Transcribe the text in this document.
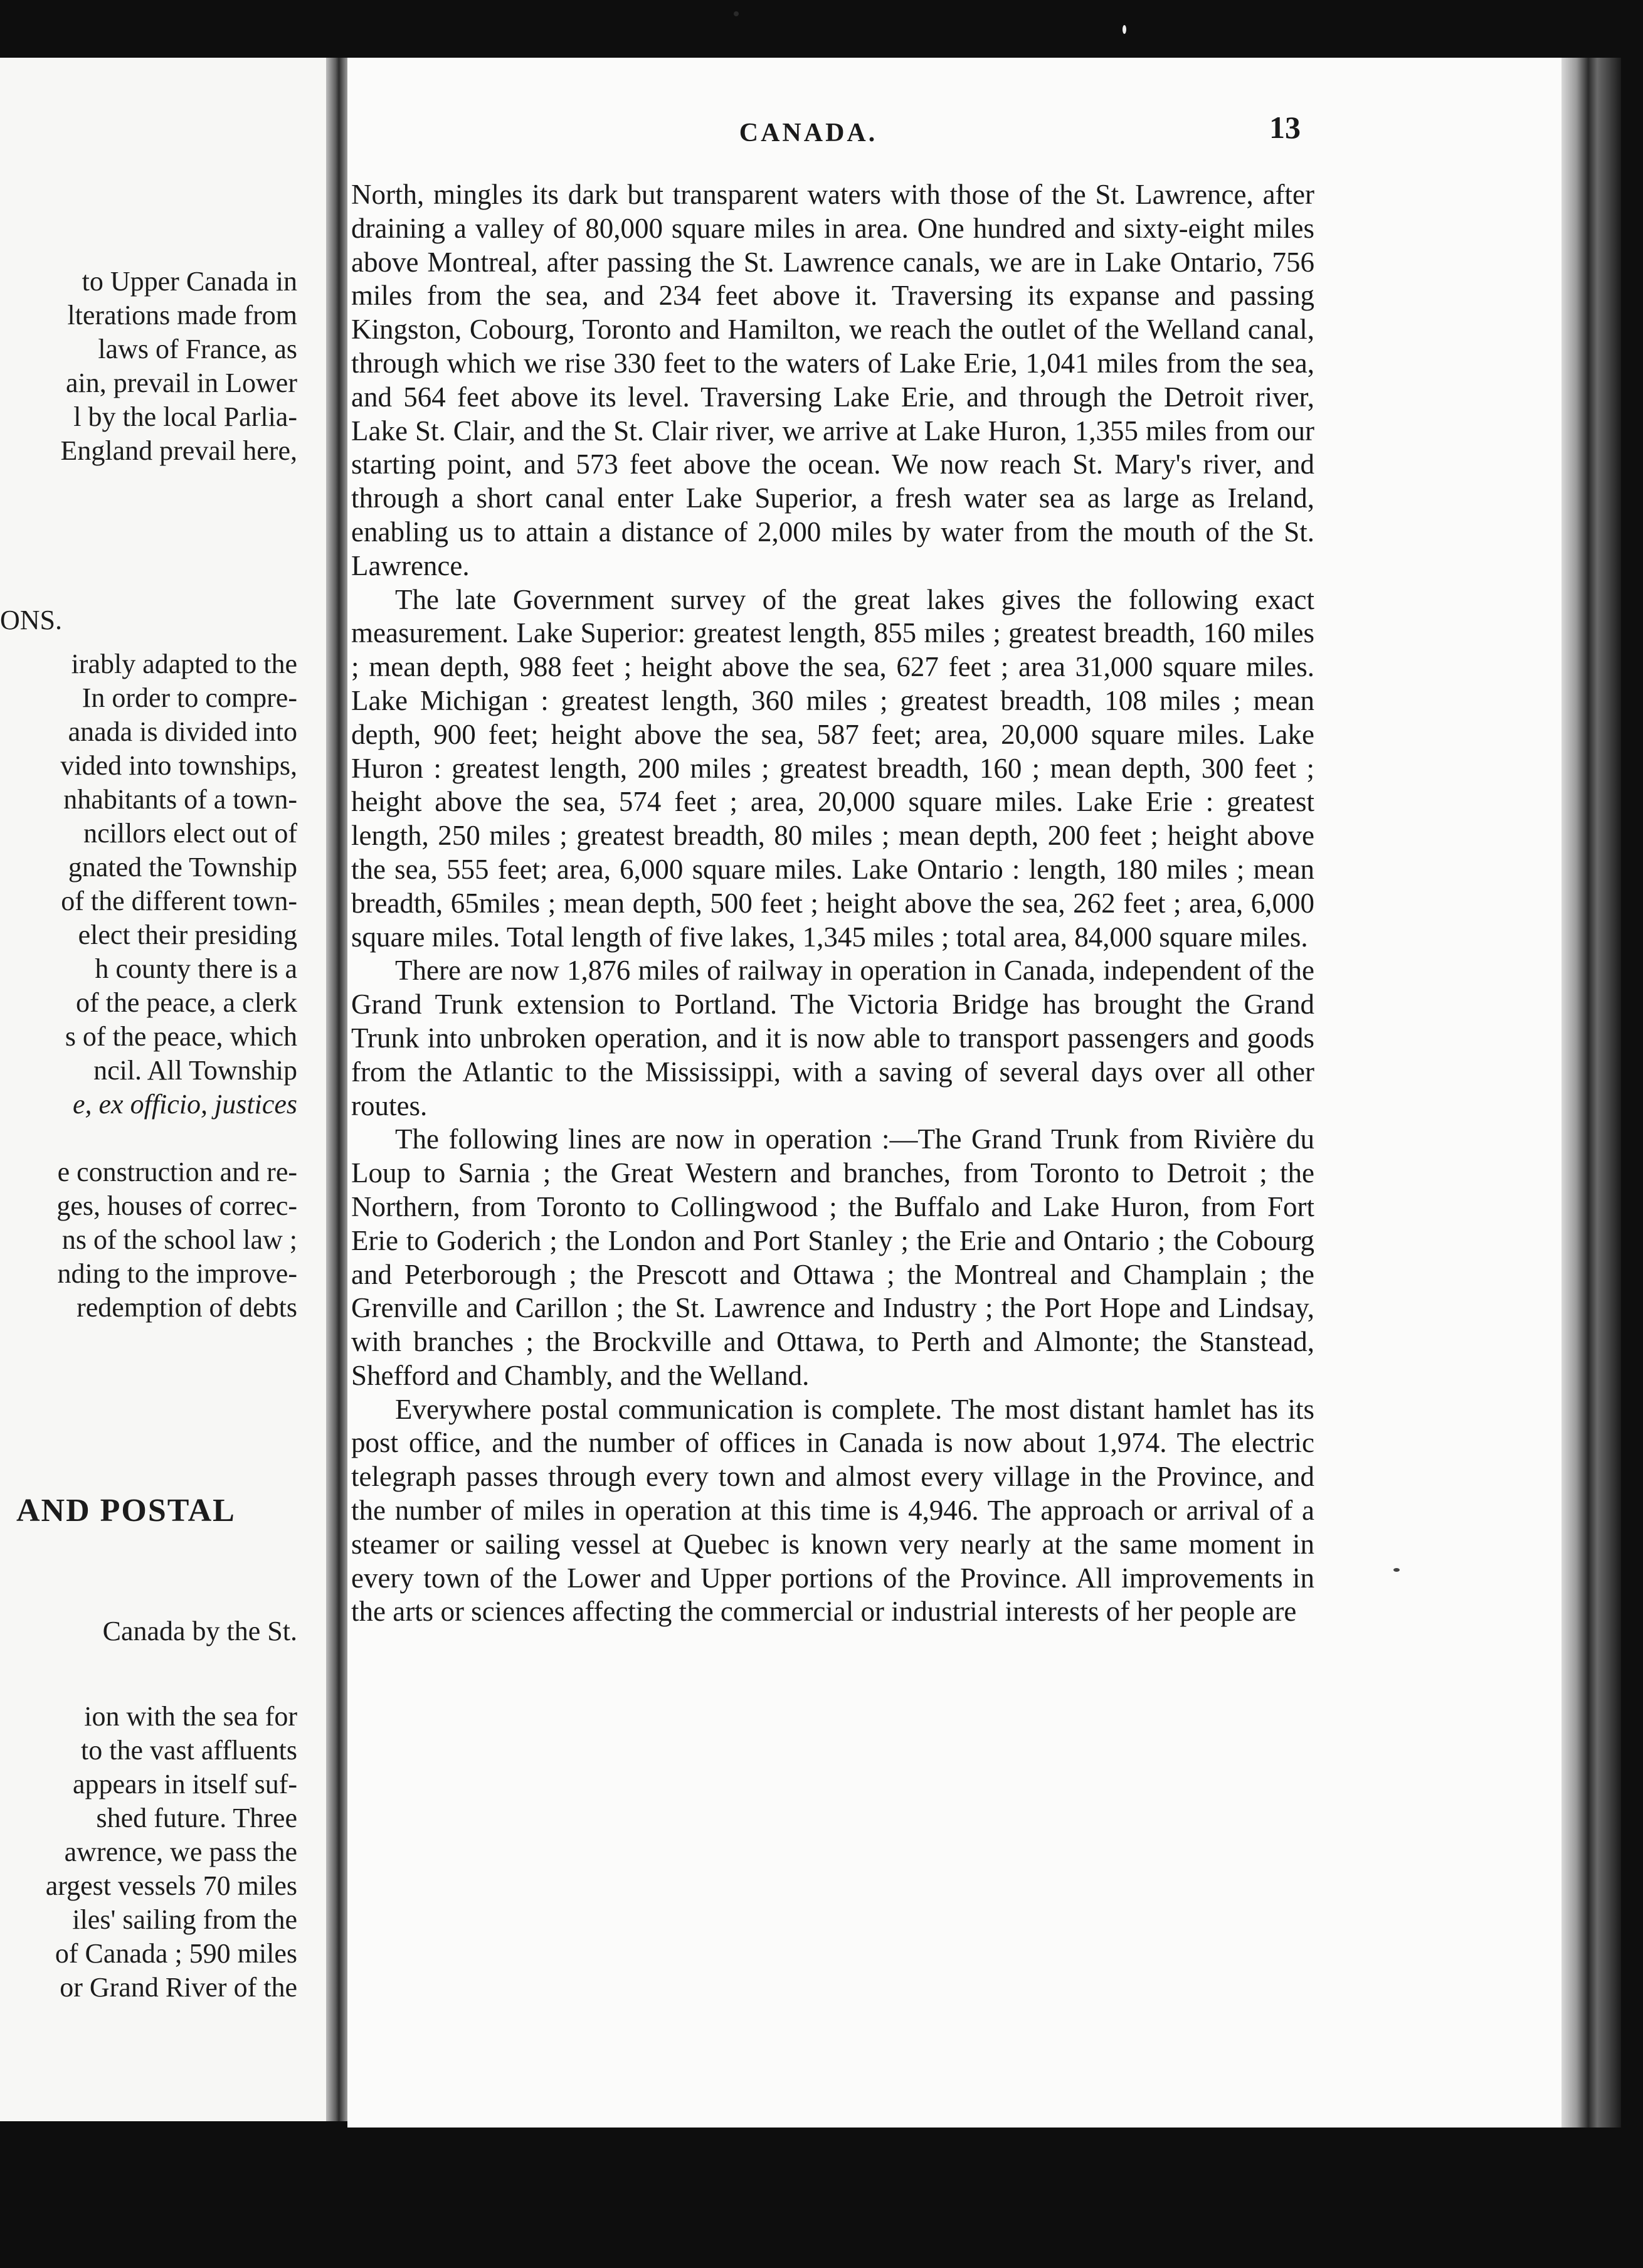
to Upper Canada in
lterations made from
laws of France, as
ain, prevail in Lower
l by the local Parlia-
England prevail here,
ONS.
irably adapted to the
In order to compre-
anada is divided into
vided into townships,
nhabitants of a town-
ncillors elect out of
gnated the Township
of the different town-
elect their presiding
h county there is a
of the peace, a clerk
s of the peace, which
ncil. All Township
e, ex officio, justices
e construction and re-
ges, houses of correc-
ns of the school law ;
nding to the improve-
redemption of debts
AND POSTAL
Canada by the St.
ion with the sea for
to the vast affluents
appears in itself suf-
shed future. Three
awrence, we pass the
argest vessels 70 miles
iles' sailing from the
of Canada ; 590 miles
or Grand River of the
CANADA.	13

North, mingles its dark but transparent waters with those of the St. Lawrence, after draining a valley of 80,000 square miles in area. One hundred and sixty-eight miles above Montreal, after passing the St. Lawrence canals, we are in Lake Ontario, 756 miles from the sea, and 234 feet above it. Traversing its expanse and passing Kingston, Cobourg, Toronto and Hamilton, we reach the outlet of the Welland canal, through which we rise 330 feet to the waters of Lake Erie, 1,041 miles from the sea, and 564 feet above its level. Traversing Lake Erie, and through the Detroit river, Lake St. Clair, and the St. Clair river, we arrive at Lake Huron, 1,355 miles from our starting point, and 573 feet above the ocean. We now reach St. Mary's river, and through a short canal enter Lake Superior, a fresh water sea as large as Ireland, enabling us to attain a distance of 2,000 miles by water from the mouth of the St. Lawrence.

The late Government survey of the great lakes gives the following exact measurement. Lake Superior: greatest length, 855 miles ; greatest breadth, 160 miles ; mean depth, 988 feet ; height above the sea, 627 feet ; area 31,000 square miles. Lake Michigan : greatest length, 360 miles ; greatest breadth, 108 miles ; mean depth, 900 feet; height above the sea, 587 feet; area, 20,000 square miles. Lake Huron : greatest length, 200 miles ; greatest breadth, 160 ; mean depth, 300 feet ; height above the sea, 574 feet ; area, 20,000 square miles. Lake Erie : greatest length, 250 miles ; greatest breadth, 80 miles ; mean depth, 200 feet ; height above the sea, 555 feet; area, 6,000 square miles. Lake Ontario : length, 180 miles ; mean breadth, 65miles ; mean depth, 500 feet ; height above the sea, 262 feet ; area, 6,000 square miles. Total length of five lakes, 1,345 miles ; total area, 84,000 square miles.

There are now 1,876 miles of railway in operation in Canada, independent of the Grand Trunk extension to Portland. The Victoria Bridge has brought the Grand Trunk into unbroken operation, and it is now able to transport passengers and goods from the Atlantic to the Mississippi, with a saving of several days over all other routes.

The following lines are now in operation :—The Grand Trunk from Rivière du Loup to Sarnia ; the Great Western and branches, from Toronto to Detroit ; the Northern, from Toronto to Collingwood ; the Buffalo and Lake Huron, from Fort Erie to Goderich ; the London and Port Stanley ; the Erie and Ontario ; the Cobourg and Peterborough ; the Prescott and Ottawa ; the Montreal and Champlain ; the Grenville and Carillon ; the St. Lawrence and Industry ; the Port Hope and Lindsay, with branches ; the Brockville and Ottawa, to Perth and Almonte; the Stanstead, Shefford and Chambly, and the Welland.

Everywhere postal communication is complete. The most distant hamlet has its post office, and the number of offices in Canada is now about 1,974. The electric telegraph passes through every town and almost every village in the Province, and the number of miles in operation at this time is 4,946. The approach or arrival of a steamer or sailing vessel at Quebec is known very nearly at the same moment in every town of the Lower and Upper portions of the Province. All improvements in the arts or sciences affecting the commercial or industrial interests of her people are
